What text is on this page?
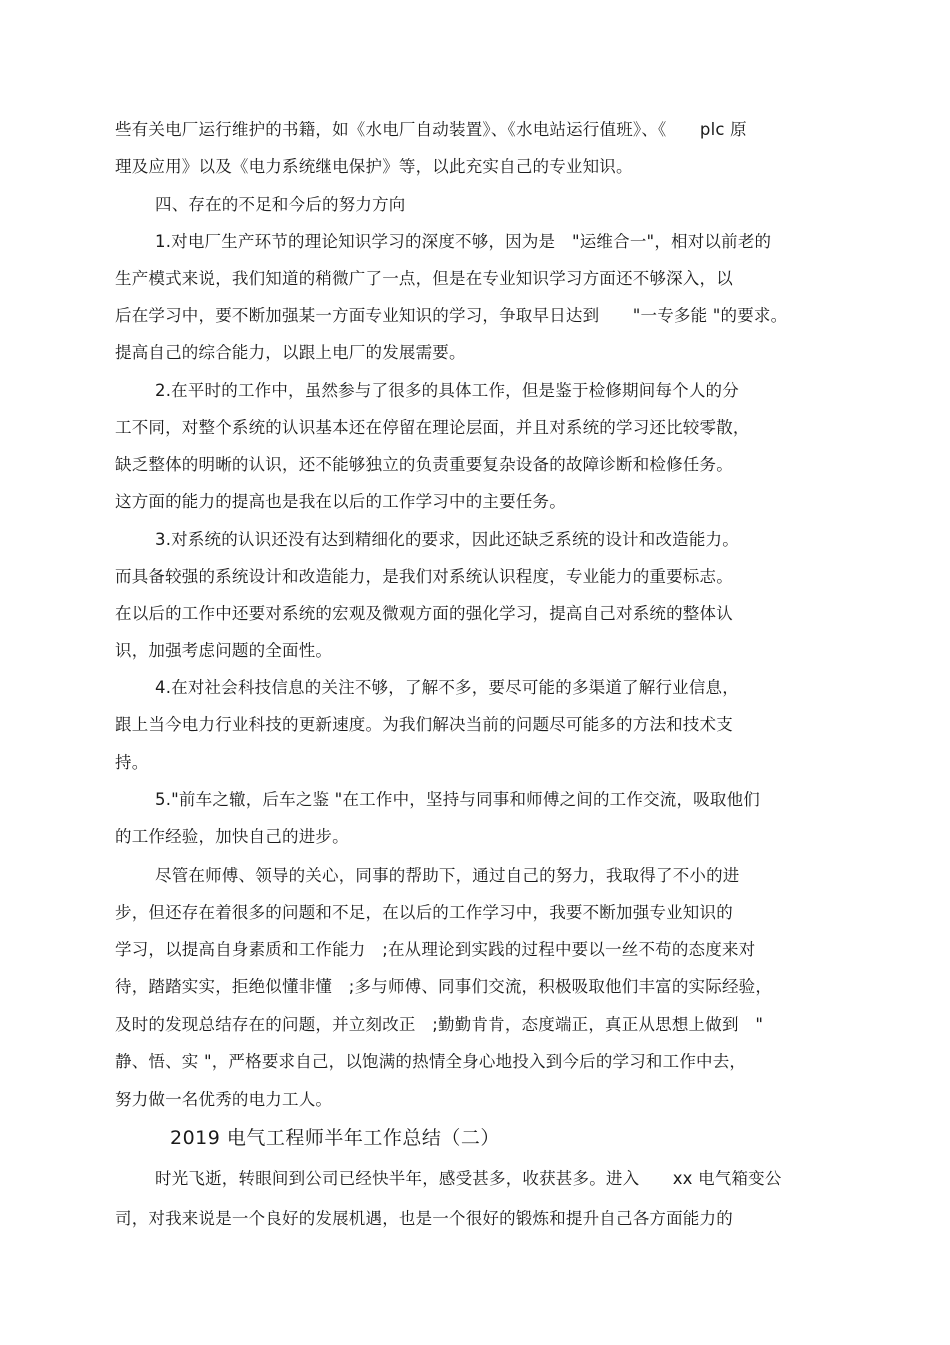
些有关电厂运行维护的书籍，如《水电厂自动装置》、《水电站运行值班》、《　　plc 原
理及应用》以及《电力系统继电保护》等，以此充实自己的专业知识。
四、存在的不足和今后的努力方向
1.对电厂生产环节的理论知识学习的深度不够，因为是　"运维合一"，相对以前老的
生产模式来说，我们知道的稍微广了一点，但是在专业知识学习方面还不够深入，以
后在学习中，要不断加强某一方面专业知识的学习，争取早日达到　　"一专多能 "的要求。
提高自己的综合能力，以跟上电厂的发展需要。
2.在平时的工作中，虽然参与了很多的具体工作，但是鉴于检修期间每个人的分
工不同，对整个系统的认识基本还在停留在理论层面，并且对系统的学习还比较零散，
缺乏整体的明晰的认识，还不能够独立的负责重要复杂设备的故障诊断和检修任务。
这方面的能力的提高也是我在以后的工作学习中的主要任务。
3.对系统的认识还没有达到精细化的要求，因此还缺乏系统的设计和改造能力。
而具备较强的系统设计和改造能力，是我们对系统认识程度，专业能力的重要标志。
在以后的工作中还要对系统的宏观及微观方面的强化学习，提高自己对系统的整体认
识，加强考虑问题的全面性。
4.在对社会科技信息的关注不够，了解不多，要尽可能的多渠道了解行业信息，
跟上当今电力行业科技的更新速度。为我们解决当前的问题尽可能多的方法和技术支
持。
5."前车之辙，后车之鉴 "在工作中，坚持与同事和师傅之间的工作交流，吸取他们
的工作经验，加快自己的进步。
尽管在师傅、领导的关心，同事的帮助下，通过自己的努力，我取得了不小的进
步，但还存在着很多的问题和不足，在以后的工作学习中，我要不断加强专业知识的
学习，以提高自身素质和工作能力　;在从理论到实践的过程中要以一丝不苟的态度来对
待，踏踏实实，拒绝似懂非懂　;多与师傅、同事们交流，积极吸取他们丰富的实际经验，
及时的发现总结存在的问题，并立刻改正　;勤勤肯肯，态度端正，真正从思想上做到　"
静、悟、实 "，严格要求自己，以饱满的热情全身心地投入到今后的学习和工作中去，
努力做一名优秀的电力工人。
2019 电气工程师半年工作总结（二）
时光飞逝，转眼间到公司已经快半年，感受甚多，收获甚多。进入　　xx 电气箱变公
司，对我来说是一个良好的发展机遇，也是一个很好的锻炼和提升自己各方面能力的
